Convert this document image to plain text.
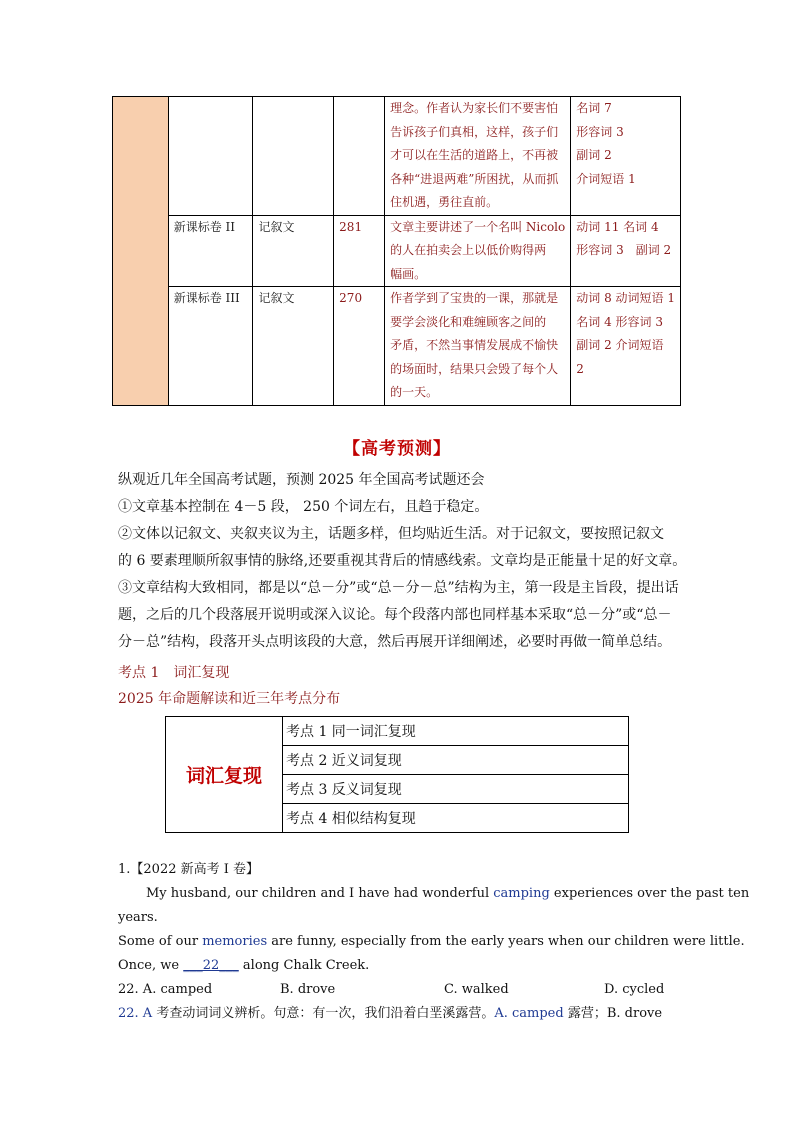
				理念。作者认为家长们不要害怕
告诉孩子们真相，这样，孩子们
才可以在生活的道路上，不再被
各种“进退两难”所困扰，从而抓
住机遇，勇往直前。	名词 7
形容词 3
副词 2
介词短语 1

	新课标卷 II	记叙文	281	文章主要讲述了一个名叫 Nicolo
的人在拍卖会上以低价购得两
幅画。	动词 11 名词 4
形容词 3　副词 2

	新课标卷 III	记叙文	270	作者学到了宝贵的一课，那就是
要学会淡化和难缠顾客之间的
矛盾，不然当事情发展成不愉快
的场面时，结果只会毁了每个人
的一天。	动词 8 动词短语 1
名词 4 形容词 3
副词 2 介词短语
2
【高考预测】

纵观近几年全国高考试题，预测 2025 年全国高考试题还会

①文章基本控制在 4－5 段， 250 个词左右，且趋于稳定。

②文体以记叙文、夹叙夹议为主，话题多样，但均贴近生活。对于记叙文，要按照记叙文

的 6 要素理顺所叙事情的脉络,还要重视其背后的情感线索。文章均是正能量十足的好文章。

③文章结构大致相同，都是以“总－分”或“总－分－总”结构为主，第一段是主旨段，提出话

题，之后的几个段落展开说明或深入议论。每个段落内部也同样基本采取“总－分”或“总－

分－总”结构，段落开头点明该段的大意，然后再展开详细阐述，必要时再做一简单总结。

考点 1　词汇复现
2025 年命题解读和近三年考点分布
词汇复现	考点 1 同一词汇复现
考点 2 近义词复现
考点 3 反义词复现
考点 4 相似结构复现

1.【2022 新高考 I 卷】

My husband, our children and I have had wonderful camping experiences over the past ten

years.

Some of our memories are funny, especially from the early years when our children were little.

Once, we ___22___ along Chalk Creek.

22. A. camped	B. drove	C. walked	D. cycled

22. A 考查动词词义辨析。句意：有一次，我们沿着白垩溪露营。A. camped 露营；B. drove
